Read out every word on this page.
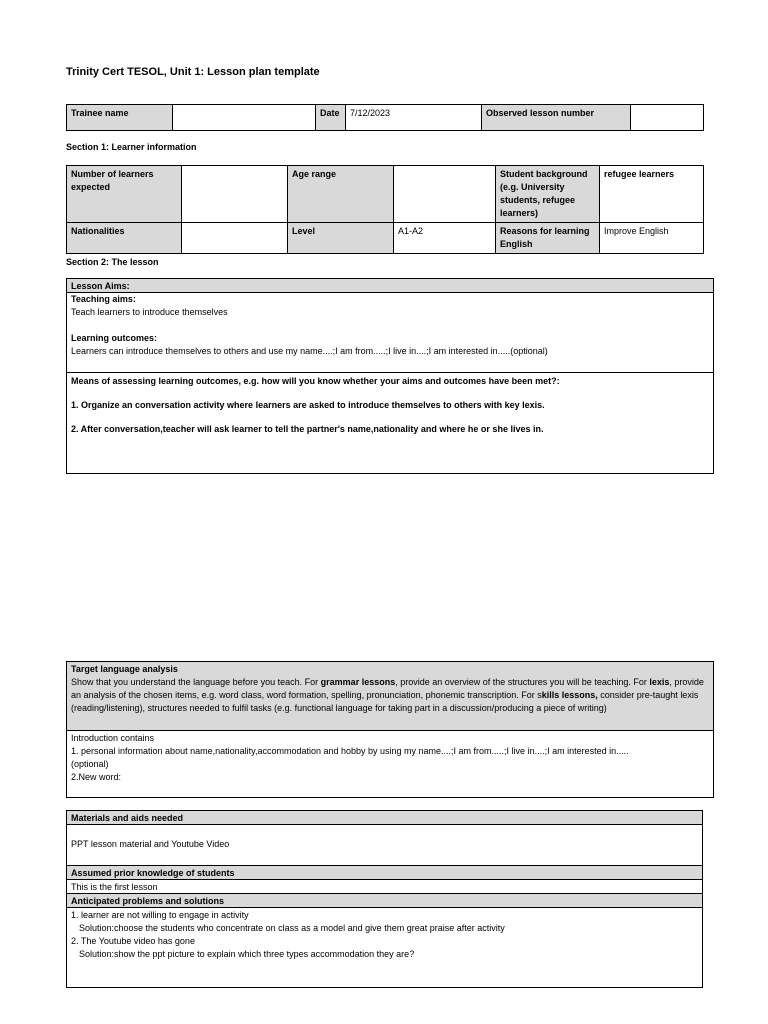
Trinity Cert TESOL, Unit 1: Lesson plan template
Trainee name		Date	7/12/2023	Observed lesson number	
Section 1: Learner information
Number of learners expected		Age range		Student background (e.g. University students, refugee learners)	refugee learners
Nationalities		Level	A1-A2	Reasons for learning English	Improve English
Section 2: The lesson
Lesson Aims:
Teaching aims:
Teach learners to introduce themselves
Learning outcomes:
Learners can introduce themselves to others and use my name....;I am from.....;I live in....;I am interested in.....(optional)
Means of assessing learning outcomes, e.g. how will you know whether your aims and outcomes have been met?:
1. Organize an conversation activity where learners are asked to introduce themselves to others with key lexis.
2. After conversation,teacher will ask learner to tell the partner's name,nationality and where he or she lives in.
Target language analysis
Show that you understand the language before you teach. For grammar lessons, provide an overview of the structures you will be teaching. For lexis, provide an analysis of the chosen items, e.g. word class, word formation, spelling, pronunciation, phonemic transcription. For skills lessons, consider pre-taught lexis (reading/listening), structures needed to fulfil tasks (e.g. functional language for taking part in a discussion/producing a piece of writing)
Introduction contains
1. personal information about name,nationality,accommodation and hobby by using my name....;I am from.....;I live in....;I am interested in.....
(optional)
2.New word:
Materials and aids needed
PPT lesson material and Youtube Video
Assumed prior knowledge of students
This is the first lesson
Anticipated problems and solutions
1. learner are not willing to engage in activity
Solution:choose the students who concentrate on class as a model and give them great praise after activity
2. The Youtube video has gone
Solution:show the ppt picture to explain which three types accommodation they are?
